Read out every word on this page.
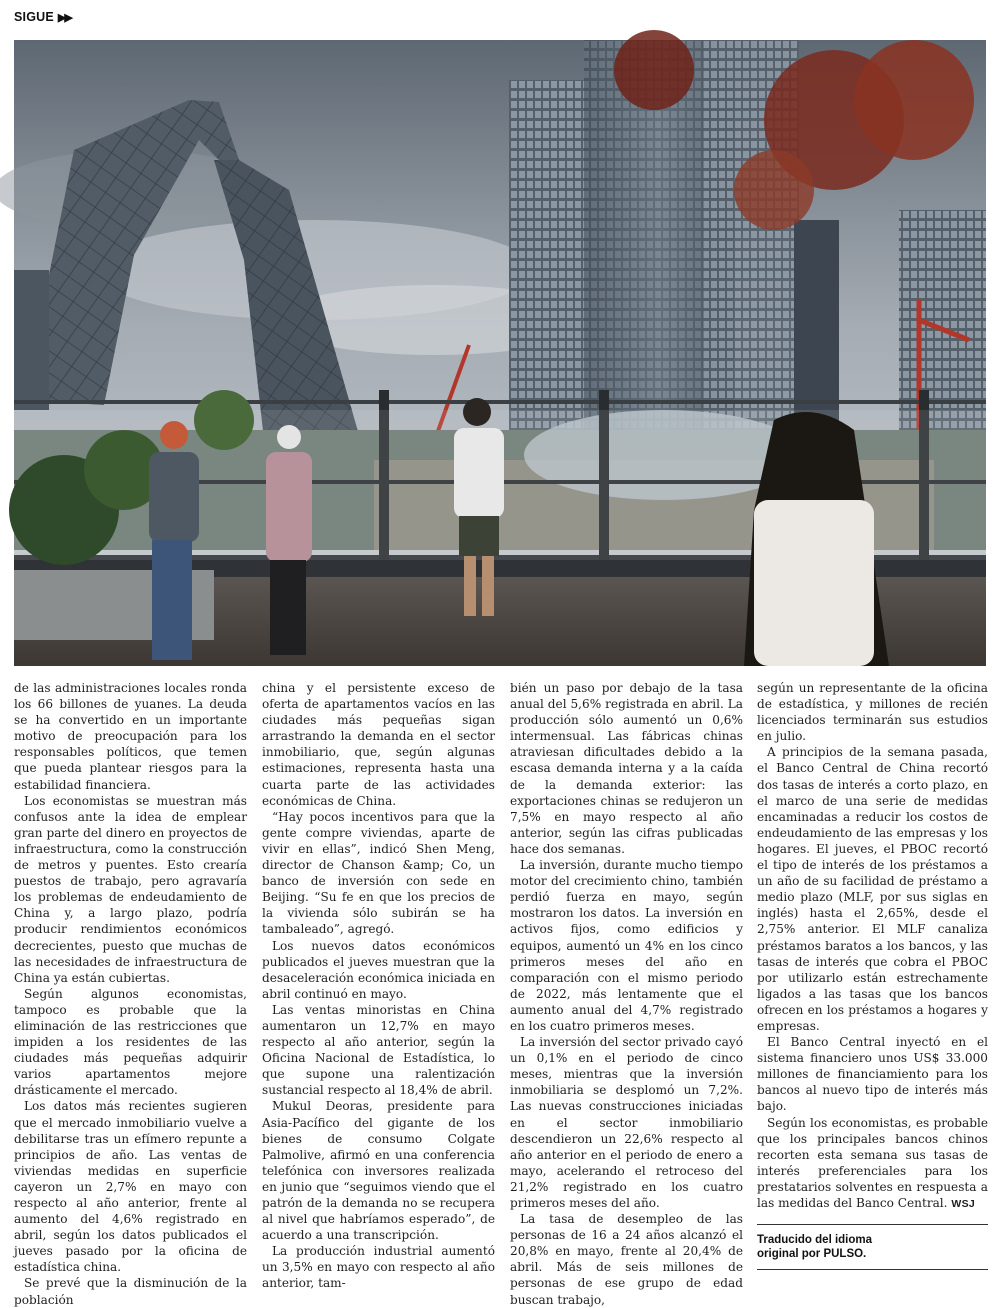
SIGUE ▶▶

de las administraciones locales ronda los 66 billones de yuanes. La deuda se ha convertido en un importante motivo de preocupación para los responsables políticos, que temen que pueda plantear riesgos para la estabilidad financiera.

Los economistas se muestran más confusos ante la idea de emplear gran parte del dinero en proyectos de infraestructura, como la construcción de metros y puentes. Esto crearía puestos de trabajo, pero agravaría los problemas de endeudamiento de China y, a largo plazo, podría producir rendimientos económicos decrecientes, puesto que muchas de las necesidades de infraestructura de China ya están cubiertas.

Según algunos economistas, tampoco es probable que la eliminación de las restricciones que impiden a los residentes de las ciudades más pequeñas adquirir varios apartamentos mejore drásticamente el mercado.

Los datos más recientes sugieren que el mercado inmobiliario vuelve a debilitarse tras un efímero repunte a principios de año. Las ventas de viviendas medidas en superficie cayeron un 2,7% en mayo con respecto al año anterior, frente al aumento del 4,6% registrado en abril, según los datos publicados el jueves pasado por la oficina de estadística china.

Se prevé que la disminución de la población

china y el persistente exceso de oferta de apartamentos vacíos en las ciudades más pequeñas sigan arrastrando la demanda en el sector inmobiliario, que, según algunas estimaciones, representa hasta una cuarta parte de las actividades económicas de China.

“Hay pocos incentivos para que la gente compre viviendas, aparte de vivir en ellas”, indicó Shen Meng, director de Chanson &amp; Co, un banco de inversión con sede en Beijing. “Su fe en que los precios de la vivienda sólo subirán se ha tambaleado”, agregó.

Los nuevos datos económicos publicados el jueves muestran que la desaceleración económica iniciada en abril continuó en mayo.

Las ventas minoristas en China aumentaron un 12,7% en mayo respecto al año anterior, según la Oficina Nacional de Estadística, lo que supone una ralentización sustancial respecto al 18,4% de abril.

Mukul Deoras, presidente para Asia-Pacífico del gigante de los bienes de consumo Colgate Palmolive, afirmó en una conferencia telefónica con inversores realizada en junio que “seguimos viendo que el patrón de la demanda no se recupera al nivel que habríamos esperado”, de acuerdo a una transcripción.

La producción industrial aumentó un 3,5% en mayo con respecto al año anterior, tam-

bién un paso por debajo de la tasa anual del 5,6% registrada en abril. La producción sólo aumentó un 0,6% intermensual. Las fábricas chinas atraviesan dificultades debido a la escasa demanda interna y a la caída de la demanda exterior: las exportaciones chinas se redujeron un 7,5% en mayo respecto al año anterior, según las cifras publicadas hace dos semanas.

La inversión, durante mucho tiempo motor del crecimiento chino, también perdió fuerza en mayo, según mostraron los datos. La inversión en activos fijos, como edificios y equipos, aumentó un 4% en los cinco primeros meses del año en comparación con el mismo periodo de 2022, más lentamente que el aumento anual del 4,7% registrado en los cuatro primeros meses.

La inversión del sector privado cayó un 0,1% en el periodo de cinco meses, mientras que la inversión inmobiliaria se desplomó un 7,2%. Las nuevas construcciones iniciadas en el sector inmobiliario descendieron un 22,6% respecto al año anterior en el periodo de enero a mayo, acelerando el retroceso del 21,2% registrado en los cuatro primeros meses del año.

La tasa de desempleo de las personas de 16 a 24 años alcanzó el 20,8% en mayo, frente al 20,4% de abril. Más de seis millones de personas de ese grupo de edad buscan trabajo,

según un representante de la oficina de estadística, y millones de recién licenciados terminarán sus estudios en julio.

A principios de la semana pasada, el Banco Central de China recortó dos tasas de interés a corto plazo, en el marco de una serie de medidas encaminadas a reducir los costos de endeudamiento de las empresas y los hogares. El jueves, el PBOC recortó el tipo de interés de los préstamos a un año de su facilidad de préstamo a medio plazo (MLF, por sus siglas en inglés) hasta el 2,65%, desde el 2,75% anterior. El MLF canaliza préstamos baratos a los bancos, y las tasas de interés que cobra el PBOC por utilizarlo están estrechamente ligados a las tasas que los bancos ofrecen en los préstamos a hogares y empresas.

El Banco Central inyectó en el sistema financiero unos US$ 33.000 millones de financiamiento para los bancos al nuevo tipo de interés más bajo.

Según los economistas, es probable que los principales bancos chinos recorten esta semana sus tasas de interés preferenciales para los prestatarios solventes en respuesta a las medidas del Banco Central. WSJ

Traducido del idioma
original por PULSO.
